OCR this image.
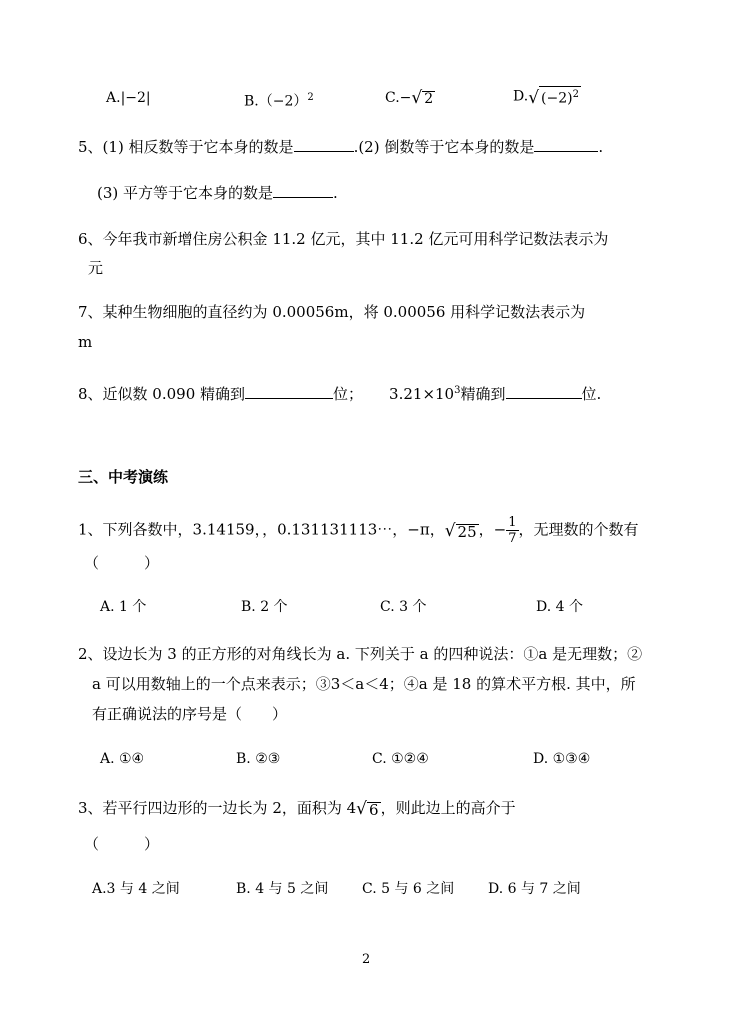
A.|−2|	$B.(-2)^2$	C.− √ 2	D. √ $(-2)^2$
5、(1) 相反数等于它本身的数是	.(2) 倒数等于它本身的数是	.
(3) 平方等于它本身的数是	.
6、今年我市新增住房公积金 11.2 亿元，其中 11.2 亿元可用科学记数法表示为
元
7、某种生物细胞的直径约为 0.00056m，将 0.00056 用科学记数法表示为
m
8、近似数 0.090 精确到	位； $3.21\times 10^3$精确到	位.
三、中考演练
1、下列各数中，3.14159，，0.131131113⋯，−π， √ 25 ，− $\frac{1}{7}$ ，无理数的个数有
（　　　）
A. 1 个	B. 2 个	C. 3 个	D. 4 个
2、设边长为 3 的正方形的对角线长为 a. 下列关于 a 的四种说法：①a 是无理数；②
a 可以用数轴上的一个点来表示；③3＜a＜4；④a 是 18 的算术平方根. 其中，所
有正确说法的序号是（　　）
A. ①④	B. ②③	C. ①②④	D. ①③④
3、若平行四边形的一边长为 2，面积为 4 √ 6 ，则此边上的高介于
（　　　）
A.3 与 4 之间	B. 4 与 5 之间 C. 5 与 6 之间 D. 6 与 7 之间
2
